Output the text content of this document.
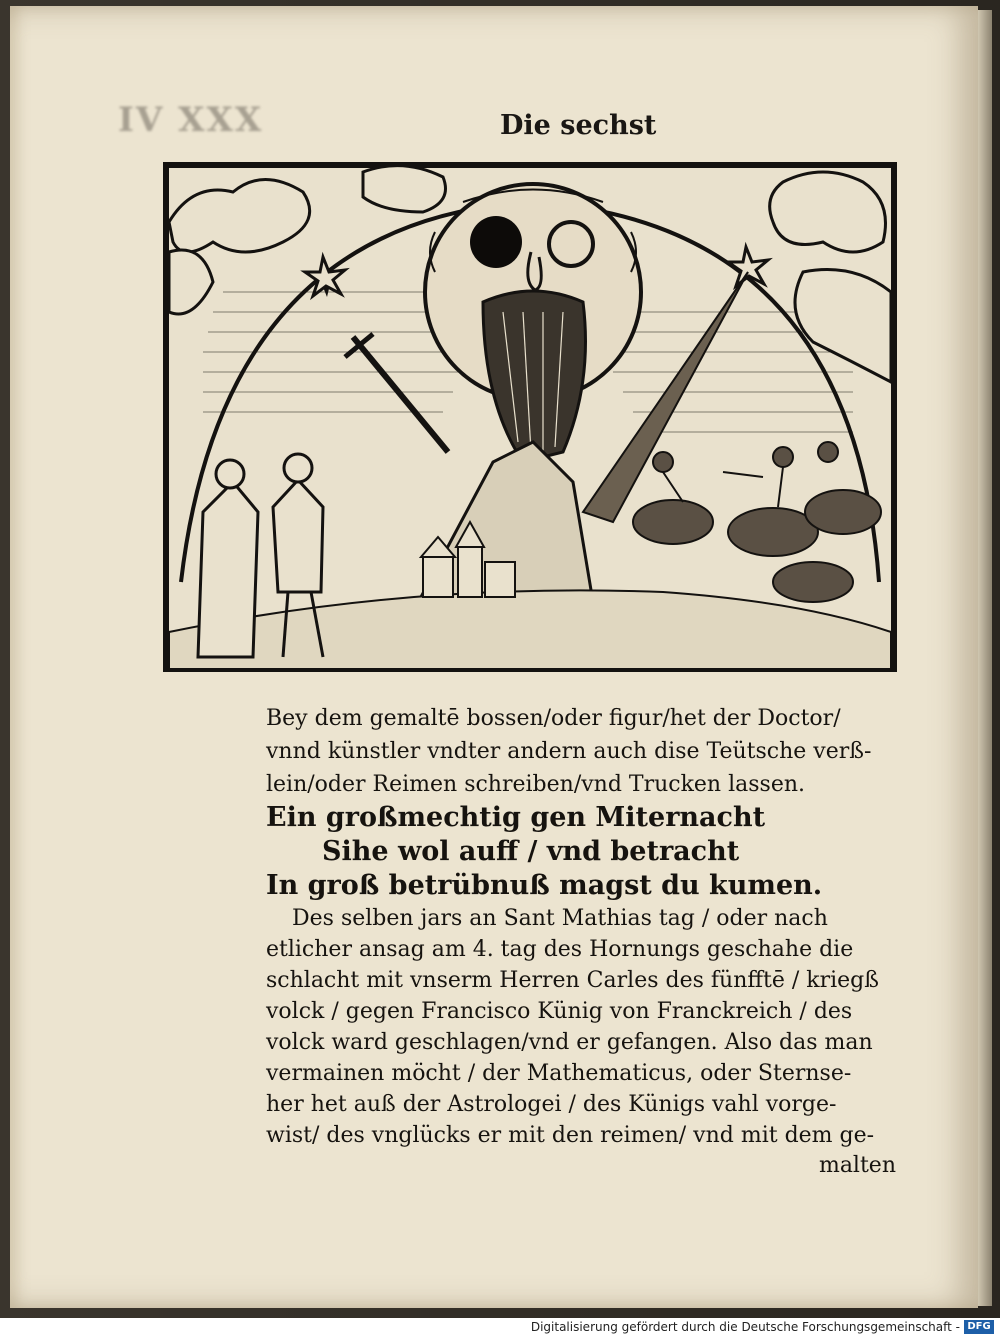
IV XXX	Die sechst

Bey dem gemaltē bossen/oder figur/het der Doctor/

vnnd künstler vndter andern auch dise Teütsche verß-

lein/oder Reimen schreiben/vnd Trucken lassen.

Ein großmechtig gen Miternacht

Sihe wol auff / vnd betracht

In groß betrübnuß magst du kumen.

Des selben jars an Sant Mathias tag / oder nach

etlicher ansag am 4. tag des Hornungs geschahe die

schlacht mit vnserm Herren Carles des fünfftē / kriegß

volck / gegen Francisco Künig von Franckreich / des

volck ward geschlagen/vnd er gefangen. Also das man

vermainen möcht / der Mathematicus, oder Sternse-

her het auß der Astrologei / des Künigs vahl vorge-

wist/ des vnglücks er mit den reimen/ vnd mit dem ge-

malten

Digitalisierung gefördert durch die Deutsche Forschungsgemeinschaft - DFG
